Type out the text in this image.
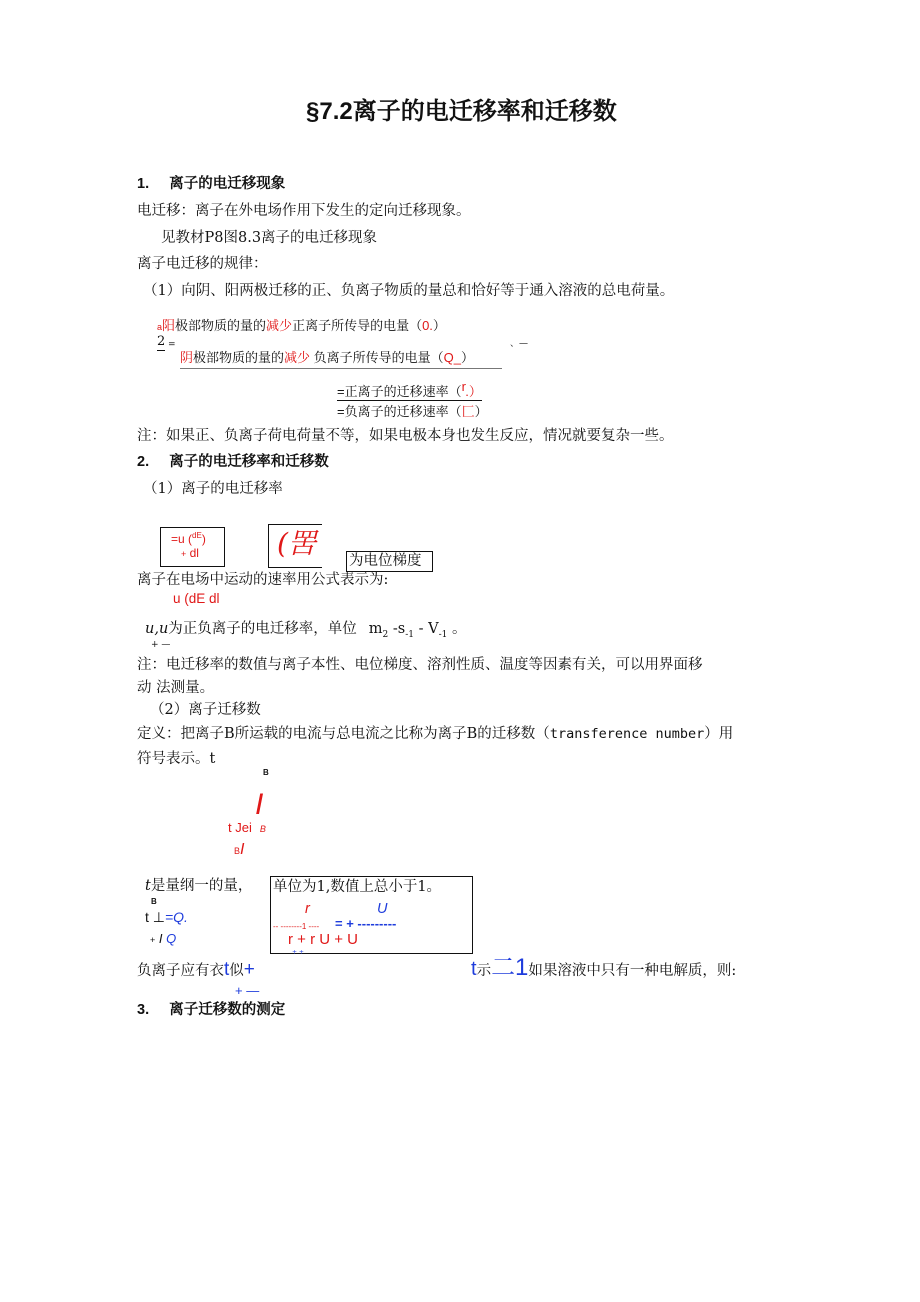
§7.2离子的电迁移率和迁移数
1.     离子的电迁移现象
电迁移：离子在外电场作用下发生的定向迁移现象。
见教材P8图8.3离子的电迁移现象
离子电迁移的规律：
（1）向阴、阳两极迁移的正、负离子物质的量总和恰好等于通入溶液的总电荷量。
a阳极部物质的量的减少正离子所传导的电量（0.）
2 =	、—
阴极部物质的量的减少 负离子所传导的电量（Q_）
=正离子的迁移速率（r.）
=负离子的迁移速率（匚）
注：如果正、负离子荷电荷量不等，如果电极本身也发生反应，情况就要复杂一些。
2.     离子的电迁移率和迁移数
（1）离子的电迁移率
=u ($^{dE}$)
+ dl	(罟
为电位梯度
离子在电场中运动的速率用公式表示为:
u (dE dl
u,u为正负离子的电迁移率，单位 $m_2$ $-s_{-1} - V_{-1}$ 。
+ —
注：电迁移率的数值与离子本性、电位梯度、溶剂性质、温度等因素有关，可以用界面移
动 法测量。
（2）离子迁移数
定义：把离子B所运载的电流与总电流之比称为离子B的迁移数（transference number）用
符号表示。t
B
I
t Jei B
BI
t是量纲一的量， 单位为1,数值上总小于1。
r	U
-- --------1 ---- = + ---------
r + r U + U
+ +
B
t ⊥=Q.
+ I Q
负离子应有衣t似+	t示二1如果溶液中只有一种电解质，则:
+ —
3.     离子迁移数的测定
